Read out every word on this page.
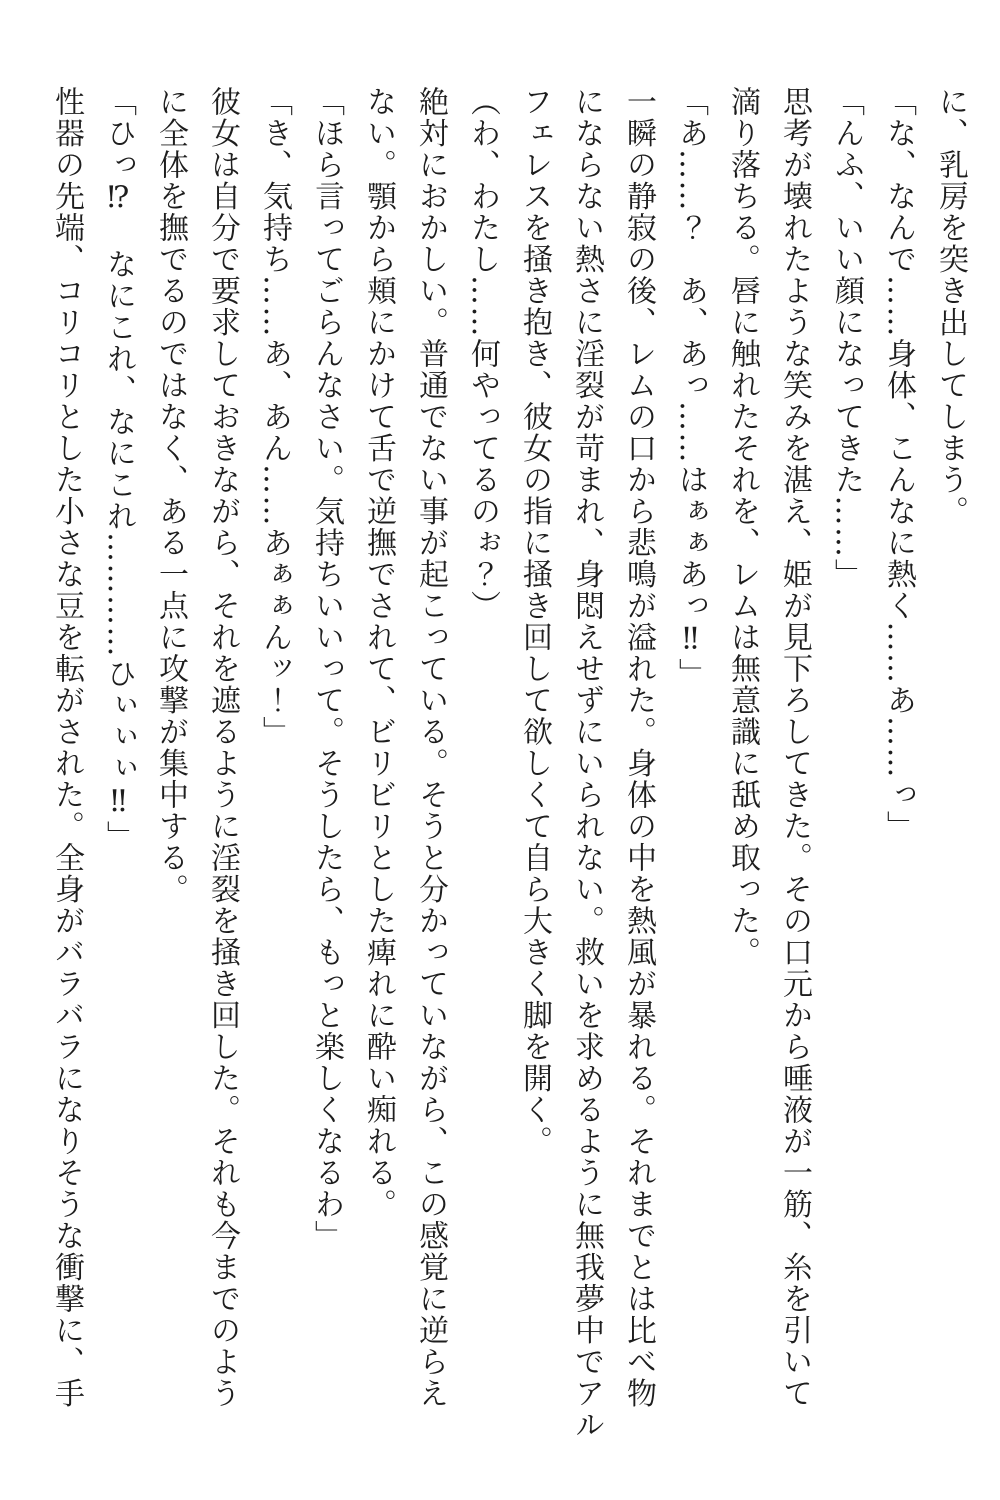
に、乳房を突き出してしまう。
「な、なんで……身体、こんなに熱く……あ……っ」
「んふ、いい顔になってきた……」
思考が壊れたような笑みを湛え、姫が見下ろしてきた。その口元から唾液が一筋、糸を引いて
滴り落ちる。唇に触れたそれを、レムは無意識に舐め取った。
「あ……？　あ、あっ……はぁぁあっ‼」
一瞬の静寂の後、レムの口から悲鳴が溢れた。身体の中を熱風が暴れる。それまでとは比べ物
にならない熱さに淫裂が苛まれ、身悶えせずにいられない。救いを求めるように無我夢中でアル
フェレスを掻き抱き、彼女の指に掻き回して欲しくて自ら大きく脚を開く。
（わ、わたし……何やってるのぉ？）
絶対におかしい。普通でない事が起こっている。そうと分かっていながら、この感覚に逆らえ
ない。顎から頬にかけて舌で逆撫でされて、ビリビリとした痺れに酔い痴れる。
「ほら言ってごらんなさい。気持ちいいって。そうしたら、もっと楽しくなるわ」
「き、気持ち……あ、あん……あぁぁんッ！」
彼女は自分で要求しておきながら、それを遮るように淫裂を掻き回した。それも今までのよう
に全体を撫でるのではなく、ある一点に攻撃が集中する。
「ひっ⁉　なにこれ、なにこれ…………ひぃぃぃ‼」
性器の先端、コリコリとした小さな豆を転がされた。全身がバラバラになりそうな衝撃に、手
